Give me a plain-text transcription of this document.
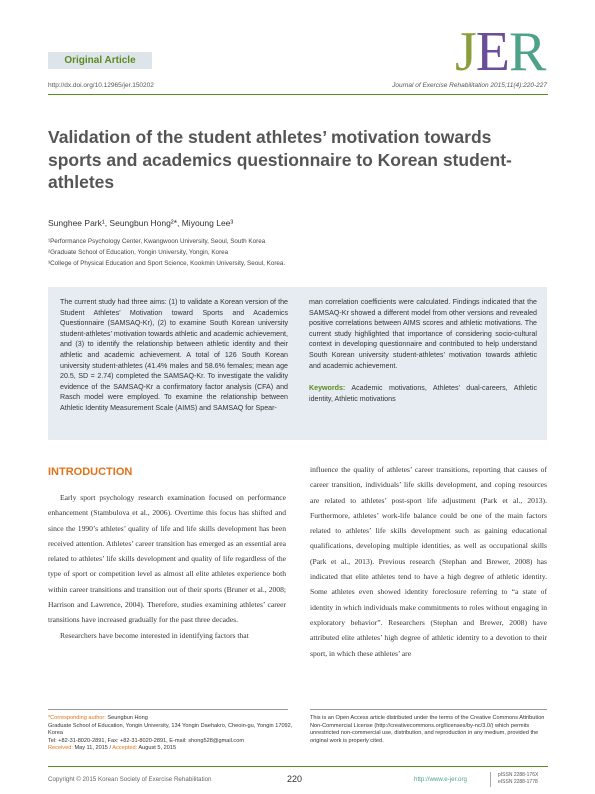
Original Article	JER
http://dx.doi.org/10.12965/jer.150202	Journal of Exercise Rehabilitation 2015;11(4):220-227
Validation of the student athletes’ motivation towards sports and academics questionnaire to Korean student-athletes
Sunghee Park¹, Seungbun Hong²*, Miyoung Lee³
¹Performance Psychology Center, Kwangwoon University, Seoul, South Korea
²Graduate School of Education, Yongin University, Yongin, Korea
³College of Physical Education and Sport Science, Kookmin University, Seoul, Korea.
The current study had three aims: (1) to validate a Korean version of the Student Athletes’ Motivation toward Sports and Academics Questionnaire (SAMSAQ-Kr), (2) to examine South Korean university student-athletes’ motivation towards athletic and academic achievement, and (3) to identify the relationship between athletic identity and their athletic and academic achievement. A total of 126 South Korean university student-athletes (41.4% males and 58.6% females; mean age 20.5, SD = 2.74) completed the SAMSAQ-Kr. To investigate the validity evidence of the SAMSAQ-Kr a confirmatory factor analysis (CFA) and Rasch model were employed. To examine the relationship between Athletic Identity Measurement Scale (AIMS) and SAMSAQ for Spear-
man correlation coefficients were calculated. Findings indicated that the SAMSAQ-Kr showed a different model from other versions and revealed positive correlations between AIMS scores and athletic motivations. The current study highlighted that importance of considering socio-cultural context in developing questionnaire and contributed to help understand South Korean university student-athletes’ motivation towards athletic and academic achievement.
Keywords: Academic motivations, Athletes’ dual-careers, Athletic identity, Athletic motivations
INTRODUCTION

Early sport psychology research examination focused on performance enhancement (Stambulova et al., 2006). Overtime this focus has shifted and since the 1990’s athletes’ quality of life and life skills development has been received attention. Athletes’ career transition has emerged as an essential area related to athletes’ life skills development and quality of life regardless of the type of sport or competition level as almost all elite athletes experience both within career transitions and transition out of their sports (Bruner et al., 2008; Harrison and Lawrence, 2004). Therefore, studies examining athletes’ career transitions have increased gradually for the past three decades.

Researchers have become interested in identifying factors that

influence the quality of athletes’ career transitions, reporting that causes of career transition, individuals’ life skills development, and coping resources are related to athletes’ post-sport life adjustment (Park et al., 2013). Furthermore, athletes’ work-life balance could be one of the main factors related to athletes’ life skills development such as gaining educational qualifications, developing multiple identities, as well as occupational skills (Park et al., 2013). Previous research (Stephan and Brewer, 2008) has indicated that elite athletes tend to have a high degree of athletic identity. Some athletes even showed identity foreclosure referring to “a state of identity in which individuals make commitments to roles without engaging in exploratory behavior”. Researchers (Stephan and Brewer, 2008) have attributed elite athletes’ high degree of athletic identity to a devotion to their sport, in which these athletes’ are

*Corresponding author: Seungbun Hong
Graduate School of Education, Yongin University, 134 Yongin Daehakro, Cheoin-gu, Yongin 17092, Korea
Tel: +82-31-8020-2891, Fax: +82-31-8020-2891, E-mail: shong528@gmail.com
Received: May 11, 2015 / Accepted: August 5, 2015
This is an Open Access article distributed under the terms of the Creative Commons Attribution Non-Commercial License (http://creativecommons.org/licenses/by-nc/3.0/) which permits unrestricted non-commercial use, distribution, and reproduction in any medium, provided the original work is properly cited.
Copyright © 2015 Korean Society of Exercise Rehabilitation	220	http://www.e-jer.org
pISSN 2288-176X
eISSN 2288-1778
